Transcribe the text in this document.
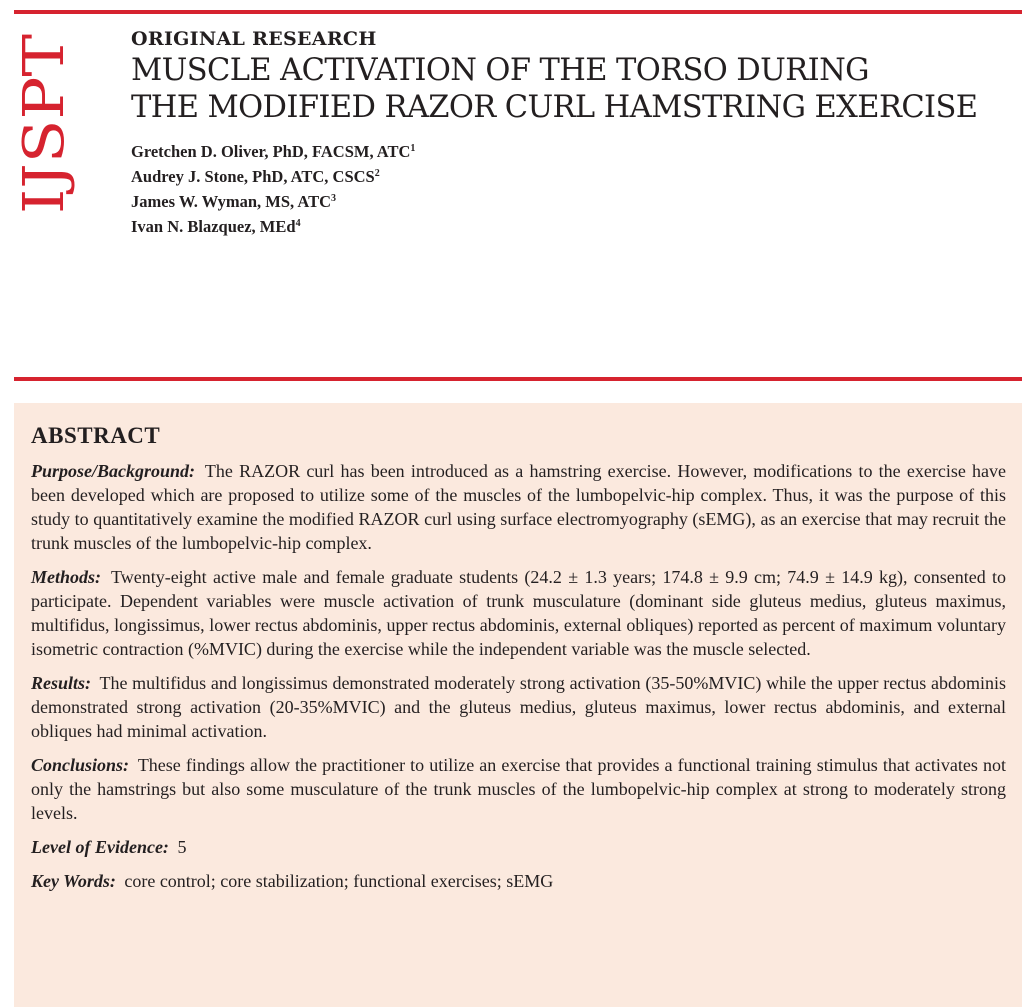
IJSPT
ORIGINAL RESEARCH
MUSCLE ACTIVATION OF THE TORSO DURING
THE MODIFIED RAZOR CURL HAMSTRING EXERCISE
Gretchen D. Oliver, PhD, FACSM, ATC$^1$
Audrey J. Stone, PhD, ATC, CSCS$^2$
James W. Wyman, MS, ATC$^3$
Ivan N. Blazquez, MEd$^4$
ABSTRACT

Purpose/Background: The RAZOR curl has been introduced as a hamstring exercise. However, modifications to the exercise have been developed which are proposed to utilize some of the muscles of the lumbopelvic-hip complex. Thus, it was the purpose of this study to quantitatively examine the modified RAZOR curl using surface electromyography (sEMG), as an exercise that may recruit the trunk muscles of the lumbopelvic-hip complex.

Methods: Twenty-eight active male and female graduate students (24.2 ± 1.3 years; 174.8 ± 9.9 cm; 74.9 ± 14.9 kg), consented to participate. Dependent variables were muscle activation of trunk musculature (dominant side gluteus medius, gluteus maximus, multifidus, longissimus, lower rectus abdominis, upper rectus abdominis, external obliques) reported as percent of maximum voluntary isometric contraction (%MVIC) during the exercise while the independent variable was the muscle selected.

Results: The multifidus and longissimus demonstrated moderately strong activation (35-50%MVIC) while the upper rectus abdominis demonstrated strong activation (20-35%MVIC) and the gluteus medius, gluteus maximus, lower rectus abdominis, and external obliques had minimal activation.

Conclusions: These findings allow the practitioner to utilize an exercise that provides a functional training stimulus that activates not only the hamstrings but also some musculature of the trunk muscles of the lumbopelvic-hip complex at strong to moderately strong levels.

Level of Evidence: 5

Key Words: core control; core stabilization; functional exercises; sEMG
